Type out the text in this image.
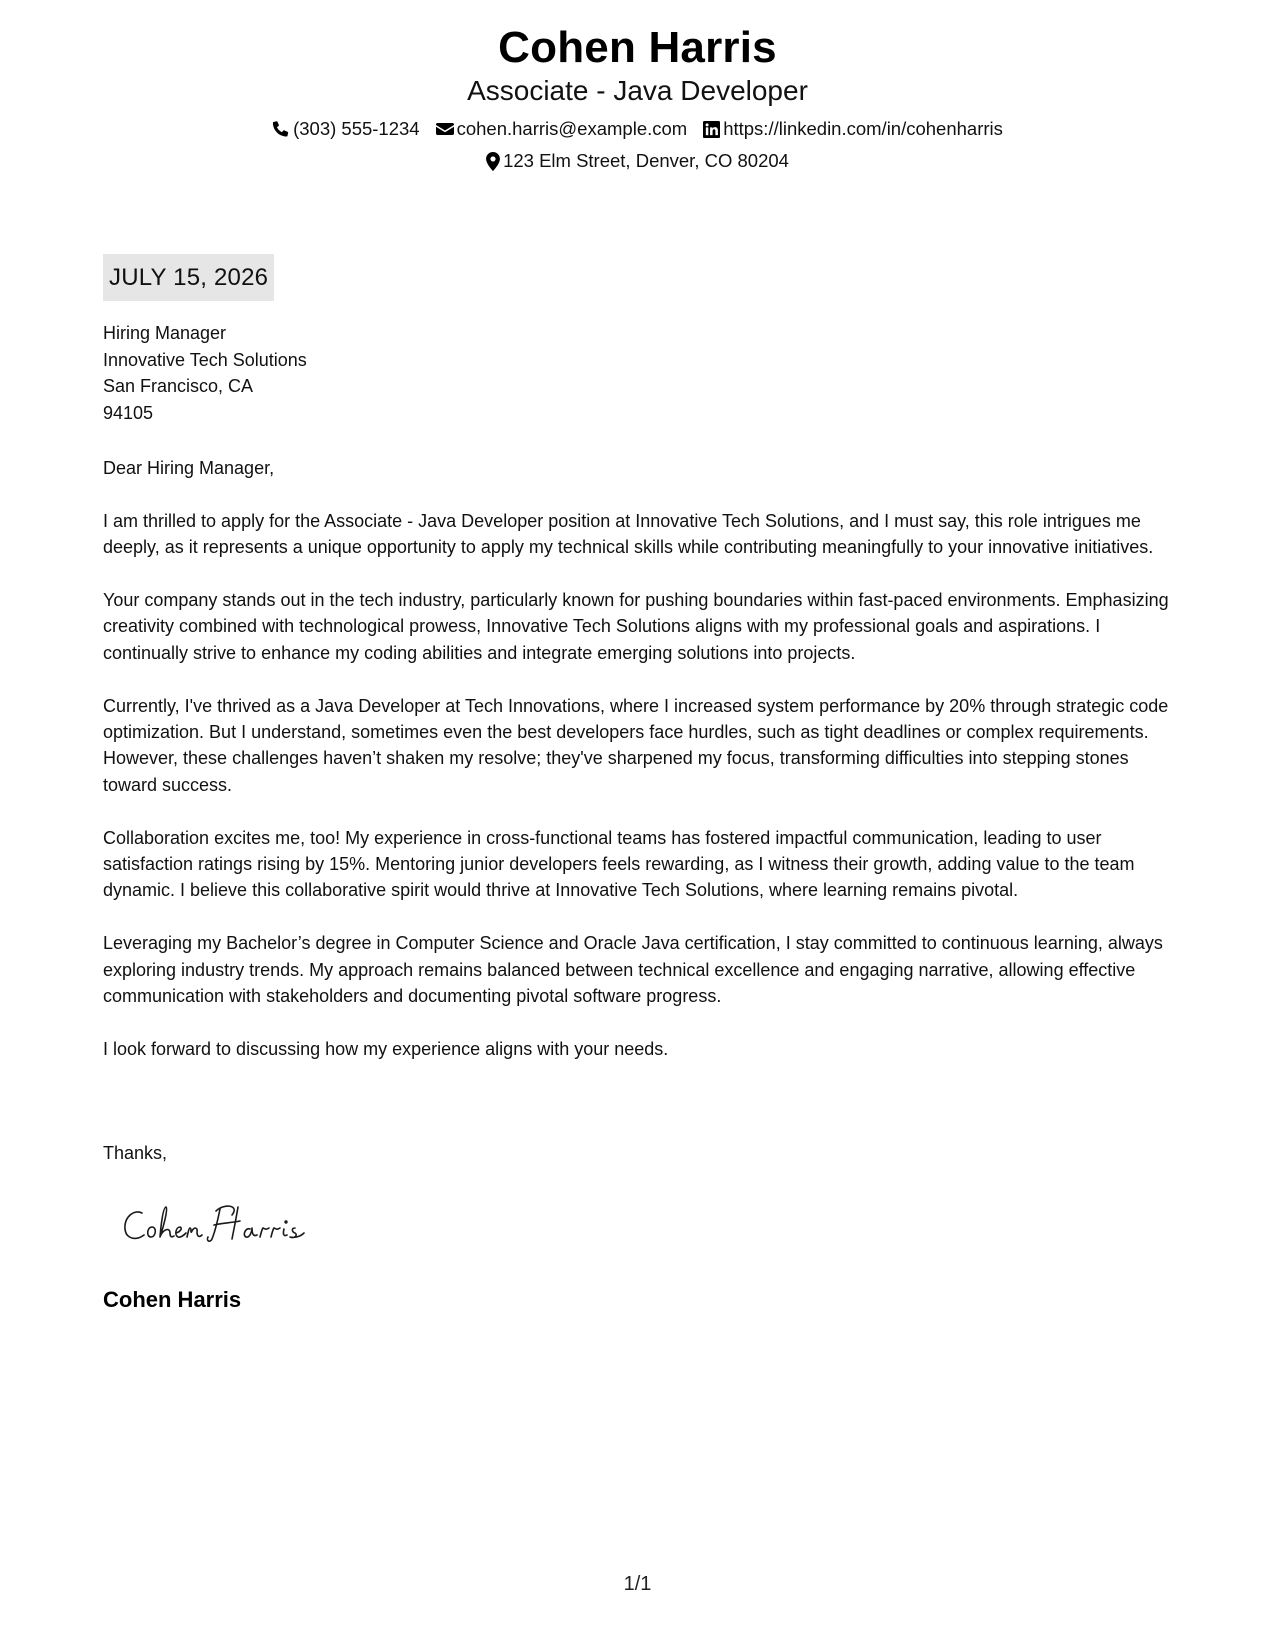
Cohen Harris
Associate - Java Developer
(303) 555-1234 cohen.harris@example.com https://linkedin.com/in/cohenharris
123 Elm Street, Denver, CO 80204
JULY 15, 2026
Hiring Manager
Innovative Tech Solutions
San Francisco, CA
94105

Dear Hiring Manager,

I am thrilled to apply for the Associate - Java Developer position at Innovative Tech Solutions, and I must say, this role intrigues me deeply, as it represents a unique opportunity to apply my technical skills while contributing meaningfully to your innovative initiatives.

Your company stands out in the tech industry, particularly known for pushing boundaries within fast-paced environments. Emphasizing creativity combined with technological prowess, Innovative Tech Solutions aligns with my professional goals and aspirations. I continually strive to enhance my coding abilities and integrate emerging solutions into projects.

Currently, I've thrived as a Java Developer at Tech Innovations, where I increased system performance by 20% through strategic code optimization. But I understand, sometimes even the best developers face hurdles, such as tight deadlines or complex requirements. However, these challenges haven’t shaken my resolve; they've sharpened my focus, transforming difficulties into stepping stones toward success.

Collaboration excites me, too! My experience in cross-functional teams has fostered impactful communication, leading to user satisfaction ratings rising by 15%. Mentoring junior developers feels rewarding, as I witness their growth, adding value to the team dynamic. I believe this collaborative spirit would thrive at Innovative Tech Solutions, where learning remains pivotal.

Leveraging my Bachelor’s degree in Computer Science and Oracle Java certification, I stay committed to continuous learning, always exploring industry trends. My approach remains balanced between technical excellence and engaging narrative, allowing effective communication with stakeholders and documenting pivotal software progress.

I look forward to discussing how my experience aligns with your needs.

Thanks,
Cohen Harris
1/1
